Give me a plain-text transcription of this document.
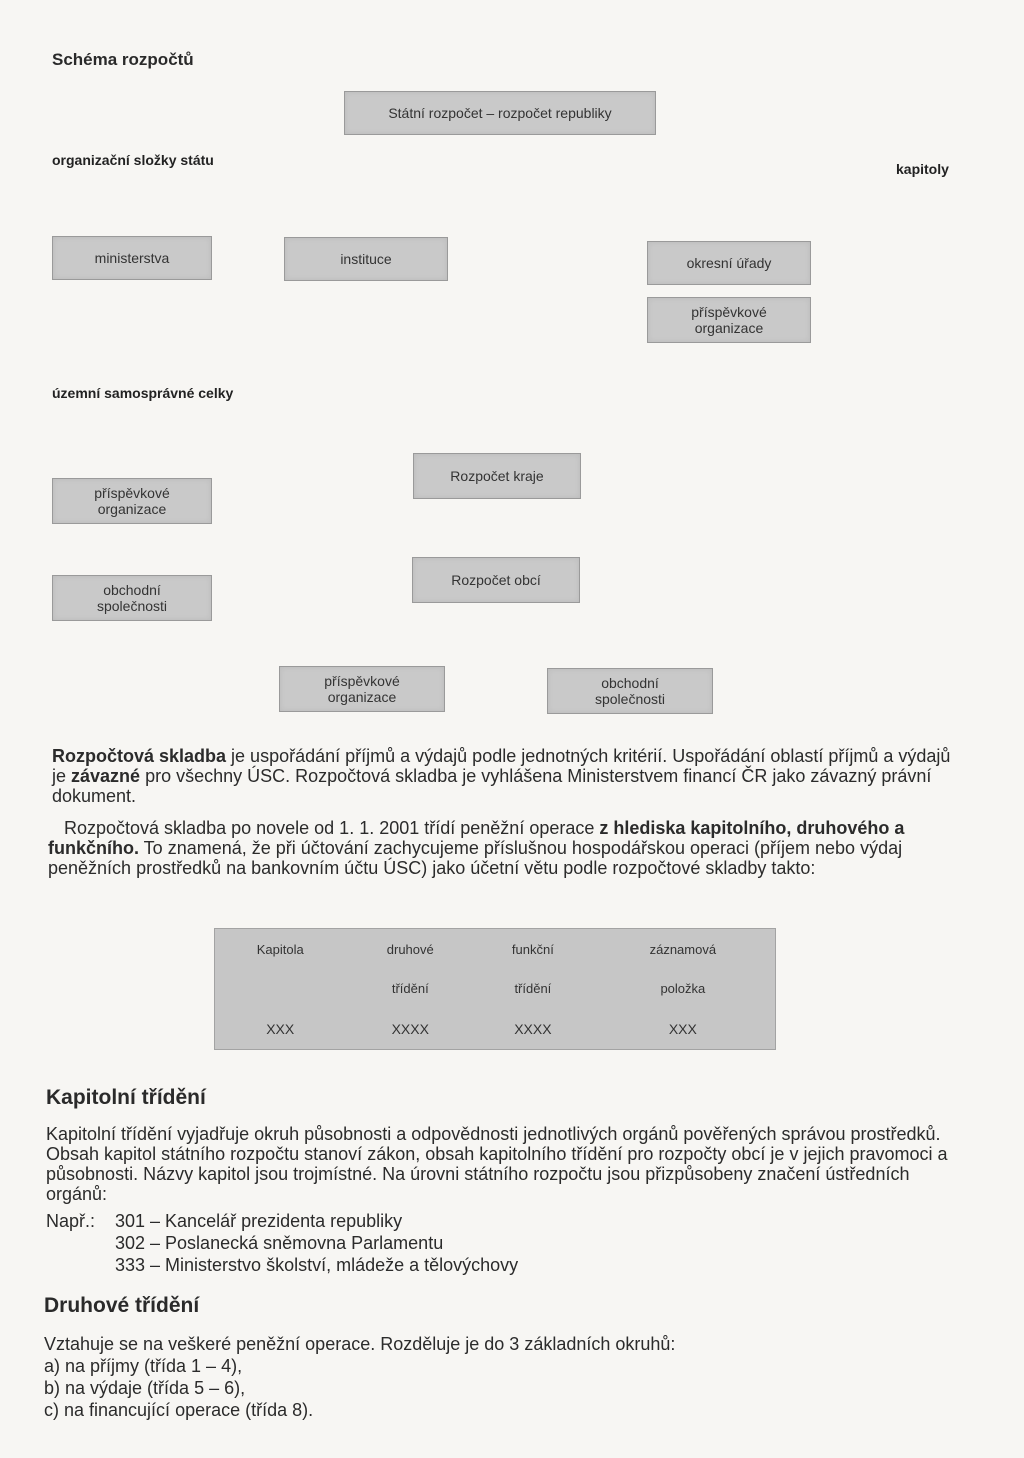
Schéma rozpočtů
Státní rozpočet – rozpočet republiky
organizační složky státu
kapitoly
ministerstva	instituce	okresní úřady
příspěvkové
organizace
územní samosprávné celky
příspěvkové
organizace
Rozpočet kraje
obchodní
společnosti
Rozpočet obcí
příspěvkové
organizace
obchodní
společnosti

Rozpočtová skladba je uspořádání příjmů a výdajů podle jednotných kritérií. Uspořádání oblastí příjmů a výdajů je závazné pro všechny ÚSC. Rozpočtová skladba je vyhlášena Ministerstvem financí ČR jako závazný právní dokument.

Rozpočtová skladba po novele od 1. 1. 2001 třídí peněžní operace z hlediska kapitolního, druhového a funkčního. To znamená, že při účtování zachycujeme příslušnou hospodářskou operaci (příjem nebo výdaj peněžních prostředků na bankovním účtu ÚSC) jako účetní větu podle rozpočtové skladby takto:

Kapitola	druhové	funkční	záznamová
	třídění	třídění	položka
XXX	XXXX	XXXX	XXX
Kapitolní třídění
Kapitolní třídění vyjadřuje okruh působnosti a odpovědnosti jednotlivých orgánů pověřených správou prostředků. Obsah kapitol státního rozpočtu stanoví zákon, obsah kapitolního třídění pro rozpočty obcí je v jejich pravomoci a působnosti. Názvy kapitol jsou trojmístné. Na úrovni státního rozpočtu jsou přizpůsobeny značení ústředních orgánů:
Např.: 301 – Kancelář prezidenta republiky
302 – Poslanecká sněmovna Parlamentu
333 – Ministerstvo školství, mládeže a tělovýchovy
Druhové třídění
Vztahuje se na veškeré peněžní operace. Rozděluje je do 3 základních okruhů:
a) na příjmy (třída 1 – 4),
b) na výdaje (třída 5 – 6),
c) na financující operace (třída 8).
